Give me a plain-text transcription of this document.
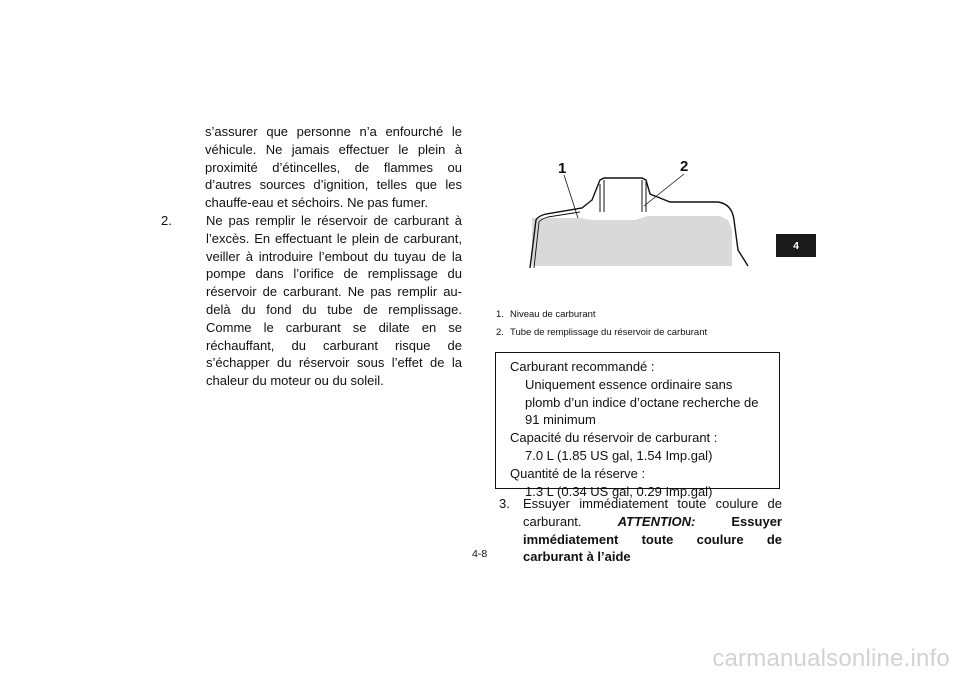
s’assurer que personne n’a enfourché le véhicule. Ne jamais effectuer le plein à proximité d’étincelles, de flammes ou d’autres sources d’ignition, telles que les chauffe-eau et séchoirs. Ne pas fumer.

2.	Ne pas remplir le réservoir de carburant à l’excès. En effectuant le plein de carburant, veiller à introduire l’embout du tuyau de la pompe dans l’orifice de remplissage du réservoir de carburant. Ne pas remplir au-delà du fond du tube de remplissage. Comme le carburant se dilate en se réchauffant, du carburant risque de s’échapper du réservoir sous l’effet de la chaleur du moteur ou du soleil.
1	2
1. Niveau de carburant
2. Tube de remplissage du réservoir de carburant
Carburant recommandé :
Uniquement essence ordinaire sans plomb d’un indice d’octane recherche de 91 minimum
Capacité du réservoir de carburant :
7.0 L (1.85 US gal, 1.54 Imp.gal)
Quantité de la réserve :
1.3 L (0.34 US gal, 0.29 Imp.gal)
3.	Essuyer immédiatement toute coulure de carburant.	ATTENTION:	Essuyer immédiatement toute coulure de carburant à l’aide
4-8
4
carmanualsonline.info
